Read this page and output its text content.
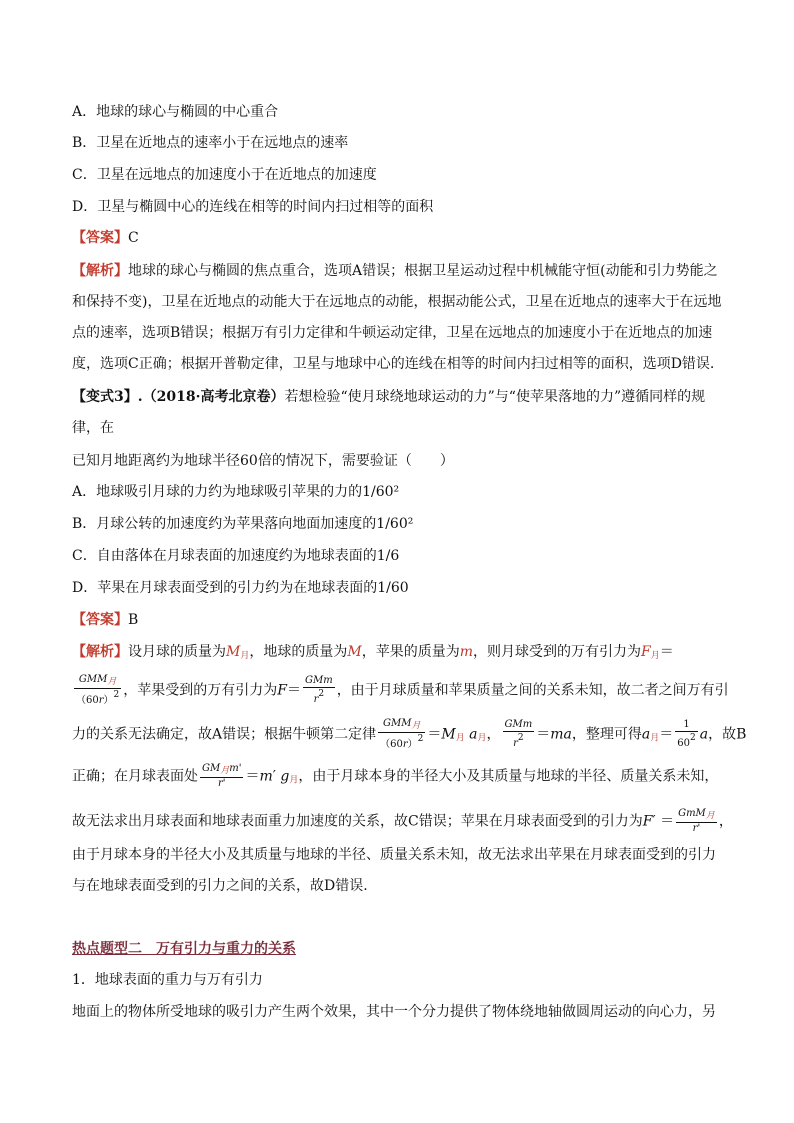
A．地球的球心与椭圆的中心重合
B．卫星在近地点的速率小于在远地点的速率
C．卫星在远地点的加速度小于在近地点的加速度
D．卫星与椭圆中心的连线在相等的时间内扫过相等的面积
【答案】C
【解析】地球的球心与椭圆的焦点重合，选项A错误；根据卫星运动过程中机械能守恒(动能和引力势能之
和保持不变)，卫星在近地点的动能大于在远地点的动能，根据动能公式，卫星在近地点的速率大于在远地
点的速率，选项B错误；根据万有引力定律和牛顿运动定律，卫星在远地点的加速度小于在近地点的加速
度，选项C正确；根据开普勒定律，卫星与地球中心的连线在相等的时间内扫过相等的面积，选项D错误.
【变式3】.（2018·高考北京卷）若想检验“使月球绕地球运动的力”与“使苹果落地的力”遵循同样的规
律，在
已知月地距离约为地球半径60倍的情况下，需要验证（　　）
A．地球吸引月球的力约为地球吸引苹果的力的1/60²
B．月球公转的加速度约为苹果落向地面加速度的1/60²
C．自由落体在月球表面的加速度约为地球表面的1/6
D．苹果在月球表面受到的引力约为在地球表面的1/60
【答案】B
【解析】设月球的质量为$M_月$，地球的质量为M，苹果的质量为m，则月球受到的万有引力为$F_月=$
$\frac{\text{GMM月}}{(60r)2}$ ，苹果受到的万有引力为$F= \frac{\text{GMm}}{r2}$ ，由于月球质量和苹果质量之间的关系未知，故二者之间万有引
力的关系无法确定，故A错误；根据牛顿第二定律 $\frac{\text{GMM月}}{(60r)2} =M_月$ $a_月$， $\frac{\text{GMm}}{r2} =ma$，整理可得$a_月= \frac{1}{602}$ a，故B
正确；在月球表面处 $\frac{\text{GM月m'}}{r'} =m'$ $g_月$，由于月球本身的半径大小及其质量与地球的半径、质量关系未知，
故无法求出月球表面和地球表面重力加速度的关系，故C错误；苹果在月球表面受到的引力为$F' = \frac{\text{GmM月}}{r'}$ ，
由于月球本身的半径大小及其质量与地球的半径、质量关系未知，故无法求出苹果在月球表面受到的引力
与在地球表面受到的引力之间的关系，故D错误.
热点题型二　万有引力与重力的关系
1．地球表面的重力与万有引力
地面上的物体所受地球的吸引力产生两个效果，其中一个分力提供了物体绕地轴做圆周运动的向心力，另
